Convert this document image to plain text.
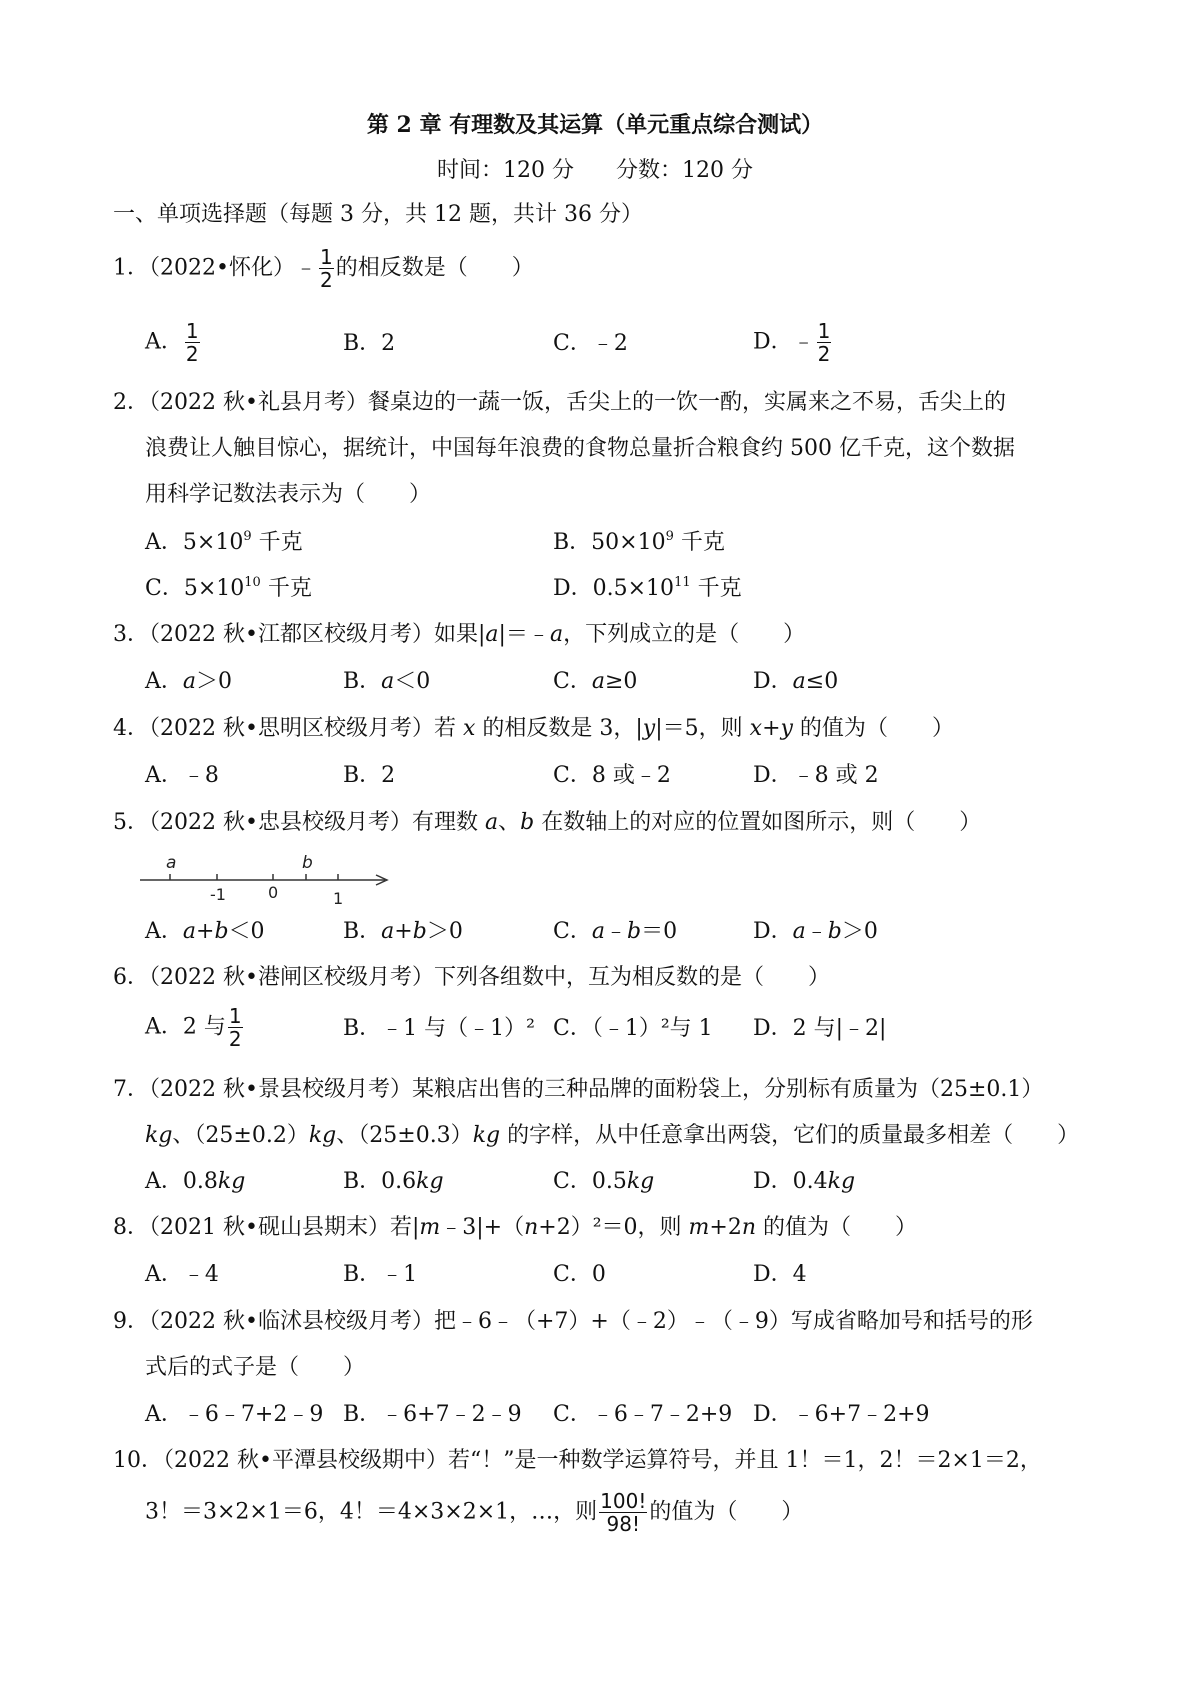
第 2 章 有理数及其运算（单元重点综合测试）
时间：120 分      分数：120 分
一、单项选择题（每题 3 分，共 12 题，共计 36 分）
1．（2022•怀化）﹣ $\frac{1}{2}$ 的相反数是（　　）
A． $\frac{1}{2}$	B．2	C．﹣2	D．﹣ $\frac{1}{2}$
2．（2022 秋•礼县月考）餐桌边的一蔬一饭，舌尖上的一饮一酌，实属来之不易，舌尖上的
浪费让人触目惊心，据统计，中国每年浪费的食物总量折合粮食约 500 亿千克，这个数据
用科学记数法表示为（　　）
A．$5\times 10^9$ 千克	B．$50\times 10^9$ 千克
C．$5\times 10^{10}$ 千克	D．$0.5\times 10^{11}$ 千克
3．（2022 秋•江都区校级月考）如果|a|＝﹣a，下列成立的是（　　）
A．a＞0	B．a＜0	C．a≥0	D．a≤0
4．（2022 秋•思明区校级月考）若 x 的相反数是 3，|y|＝5，则 x+y 的值为（　　）
A．﹣8	B．2	C．8 或﹣2	D．﹣8 或 2
5．（2022 秋•忠县校级月考）有理数 a、b 在数轴上的对应的位置如图所示，则（　　）
a	b
-1	0	1
A．a+b＜0	B．a+b＞0	C．a﹣b＝0	D．a﹣b＞0
6．（2022 秋•港闸区校级月考）下列各组数中，互为相反数的是（　　）
A．2 与 $\frac{1}{2}$	B．﹣1 与（﹣1）² C．（﹣1）²与 1 D．2 与|﹣2|
7．（2022 秋•景县校级月考）某粮店出售的三种品牌的面粉袋上，分别标有质量为（25±0.1）
kg、（25±0.2）kg、（25±0.3）kg 的字样，从中任意拿出两袋，它们的质量最多相差（　　）
A．0.8kg	B．0.6kg	C．0.5kg	D．0.4kg
8．（2021 秋•砚山县期末）若|m﹣3|+（n+2）²＝0，则 m+2n 的值为（　　）
A．﹣4	B．﹣1	C．0	D．4
9．（2022 秋•临沭县校级月考）把﹣6﹣（+7）+（﹣2）﹣（﹣9）写成省略加号和括号的形
式后的式子是（　　）
A．﹣6﹣7+2﹣9 B．﹣6+7﹣2﹣9 C．﹣6﹣7﹣2+9 D．﹣6+7﹣2+9
10．（2022 秋•平潭县校级期中）若“！”是一种数学运算符号，并且 1！＝1，2！＝2×1＝2，
3！＝3×2×1＝6，4！＝4×3×2×1，…，则 $\frac{100!}{98!}$ 的值为（　　）
